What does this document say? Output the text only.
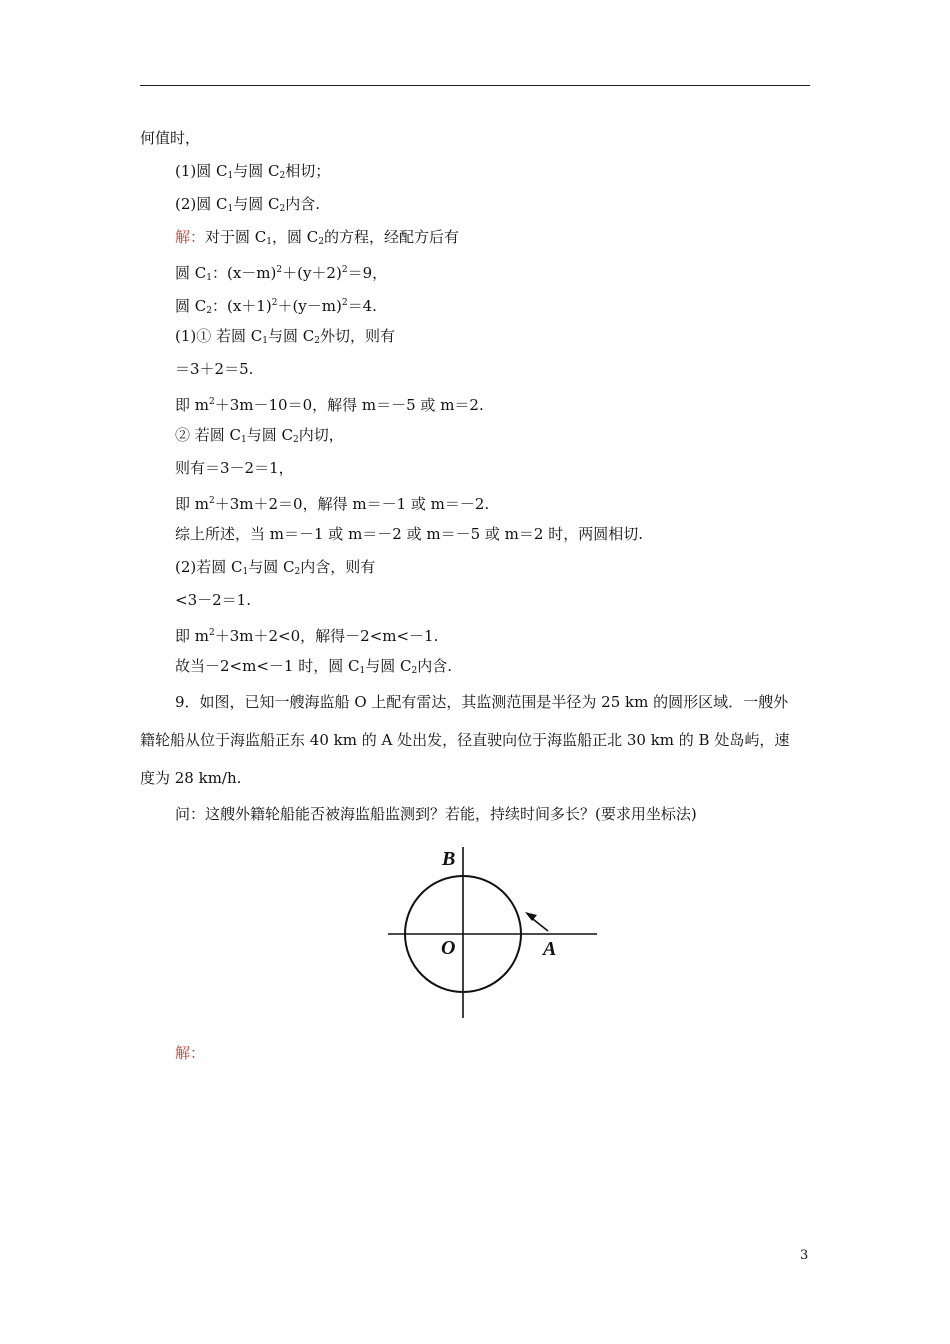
何值时，
(1)圆 $C_1$与圆 $C_2$相切；
(2)圆 $C_1$与圆 $C_2$内含.
解：对于圆 $C_1$，圆 $C_2$的方程，经配方后有
圆 $C_1$：$(x-m)^2+(y+2)^2=9$，
圆 $C_2$：$(x+1)^2+(y-m)^2=4$.
(1)① 若圆 $C_1$与圆 $C_2$外切，则有
＝3＋2＝5.
即 $m^2+3m-10=0$，解得 m＝－5 或 m＝2.
② 若圆 $C_1$与圆 $C_2$内切，
则有＝3－2＝1，
即 $m^2+3m+2=0$，解得 m＝－1 或 m＝－2.
综上所述，当 m＝－1 或 m＝－2 或 m＝－5 或 m＝2 时，两圆相切.
(2)若圆 $C_1$与圆 $C_2$内含，则有
<3－2＝1.
即 $m^2+3m+2<0$，解得－2<m<－1.
故当－2<m<－1 时，圆 $C_1$与圆 $C_2$内含.
9．如图，已知一艘海监船 O 上配有雷达，其监测范围是半径为 25 km 的圆形区域．一艘外
籍轮船从位于海监船正东 40 km 的 A 处出发，径直驶向位于海监船正北 30 km 的 B 处岛屿，速
度为 28 km/h.
问：这艘外籍轮船能否被海监船监测到？若能，持续时间多长？(要求用坐标法)
B
O	A
解：
3
